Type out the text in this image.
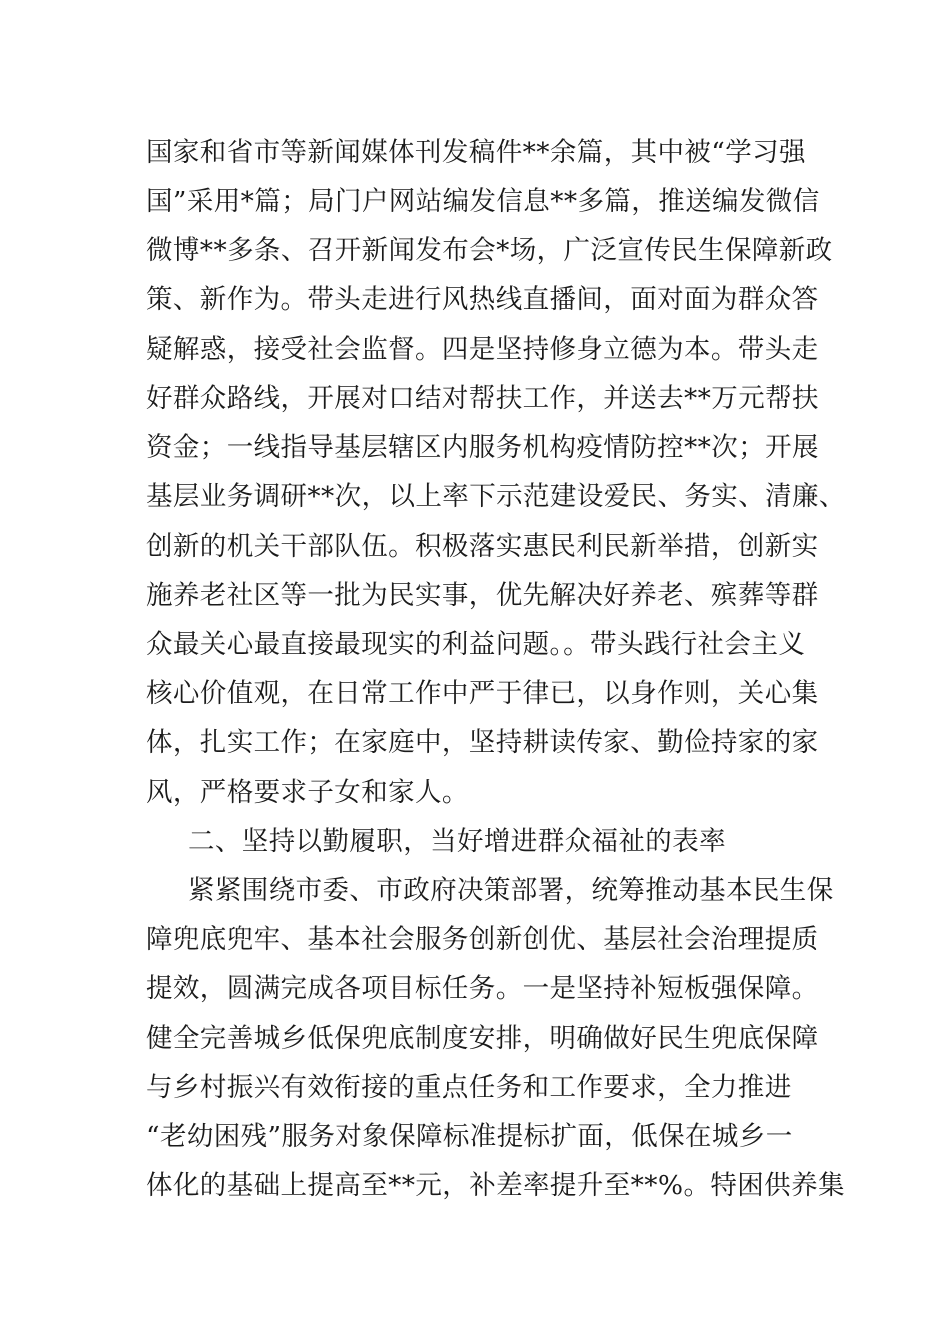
国家和省市等新闻媒体刊发稿件**余篇，其中被“学习强
国”采用*篇；局门户网站编发信息**多篇，推送编发微信
微博**多条、召开新闻发布会*场，广泛宣传民生保障新政
策、新作为。带头走进行风热线直播间，面对面为群众答
疑解惑，接受社会监督。四是坚持修身立德为本。带头走
好群众路线，开展对口结对帮扶工作，并送去**万元帮扶
资金；一线指导基层辖区内服务机构疫情防控**次；开展
基层业务调研**次，以上率下示范建设爱民、务实、清廉、
创新的机关干部队伍。积极落实惠民利民新举措，创新实
施养老社区等一批为民实事，优先解决好养老、殡葬等群
众最关心最直接最现实的利益问题。。带头践行社会主义
核心价值观，在日常工作中严于律已，以身作则，关心集
体，扎实工作；在家庭中，坚持耕读传家、勤俭持家的家
风，严格要求子女和家人。
二、坚持以勤履职，当好增进群众福祉的表率
紧紧围绕市委、市政府决策部署，统筹推动基本民生保
障兜底兜牢、基本社会服务创新创优、基层社会治理提质
提效，圆满完成各项目标任务。一是坚持补短板强保障。
健全完善城乡低保兜底制度安排，明确做好民生兜底保障
与乡村振兴有效衔接的重点任务和工作要求，全力推进
“老幼困残”服务对象保障标准提标扩面，低保在城乡一
体化的基础上提高至**元，补差率提升至**%。特困供养集
